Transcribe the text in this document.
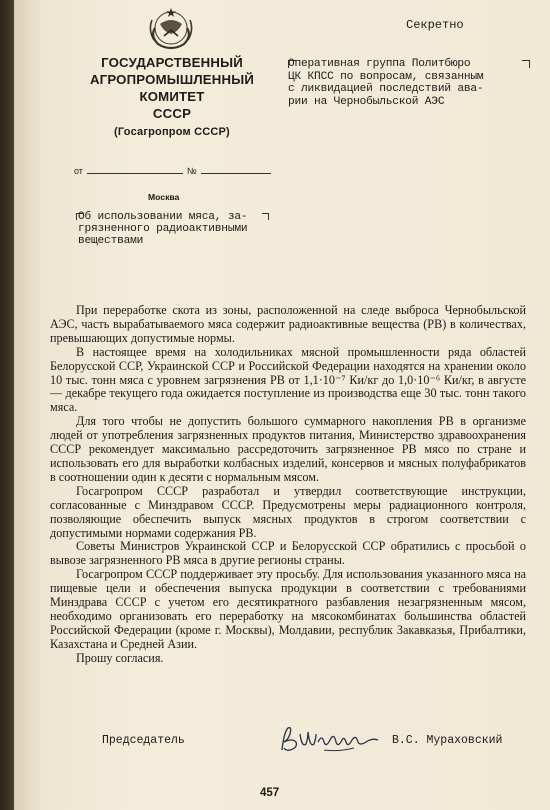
ГОСУДАРСТВЕННЫЙ
АГРОПРОМЫШЛЕННЫЙ КОМИТЕТ
СССР
(Госагропром СССР)
Секретно
Оперативная группа Политбюро
ЦК КПСС по вопросам, связанным
с ликвидацией последствий ава-
рии на Чернобыльской АЭС
от	№
Москва
Об использовании мяса, за-
грязненного радиоактивными
веществами

При переработке скота из зоны, расположенной на следе выброса Чернобыльской АЭС, часть вырабатываемого мяса содержит радиоактивные вещества (РВ) в количествах, превышающих допустимые нормы.

В настоящее время на холодильниках мясной промышленности ряда областей Белорусской ССР, Украинской ССР и Российской Федерации находятся на хранении около 10 тыс. тонн мяса с уровнем загрязнения РВ от 1,1·10⁻⁷ Ки/кг до 1,0·10⁻⁶ Ки/кг, в августе — декабре текущего года ожидается поступление из производства еще 30 тыс. тонн такого мяса.

Для того чтобы не допустить большого суммарного накопления РВ в организме людей от употребления загрязненных продуктов питания, Министерство здравоохранения СССР рекомендует максимально рассредоточить загрязненное РВ мясо по стране и использовать его для выработки колбасных изделий, консервов и мясных полуфабрикатов в соотношении один к десяти с нормальным мясом.

Госагропром СССР разработал и утвердил соответствующие инструкции, согласованные с Минздравом СССР. Предусмотрены меры радиационного контроля, позволяющие обеспечить выпуск мясных продуктов в строгом соответствии с допустимыми нормами содержания РВ.

Советы Министров Украинской ССР и Белорусской ССР обратились с просьбой о вывозе загрязненного РВ мяса в другие регионы страны.

Госагропром СССР поддерживает эту просьбу. Для использования указанного мяса на пищевые цели и обеспечения выпуска продукции в соответствии с требованиями Минздрава СССР с учетом его десятикратного разбавления незагрязненным мясом, необходимо организовать его переработку на мясокомбинатах большинства областей Российской Федерации (кроме г. Москвы), Молдавии, республик Закавказья, Прибалтики, Казахстана и Средней Азии.

Прошу согласия.

Председатель	В.С. Мураховский
457
